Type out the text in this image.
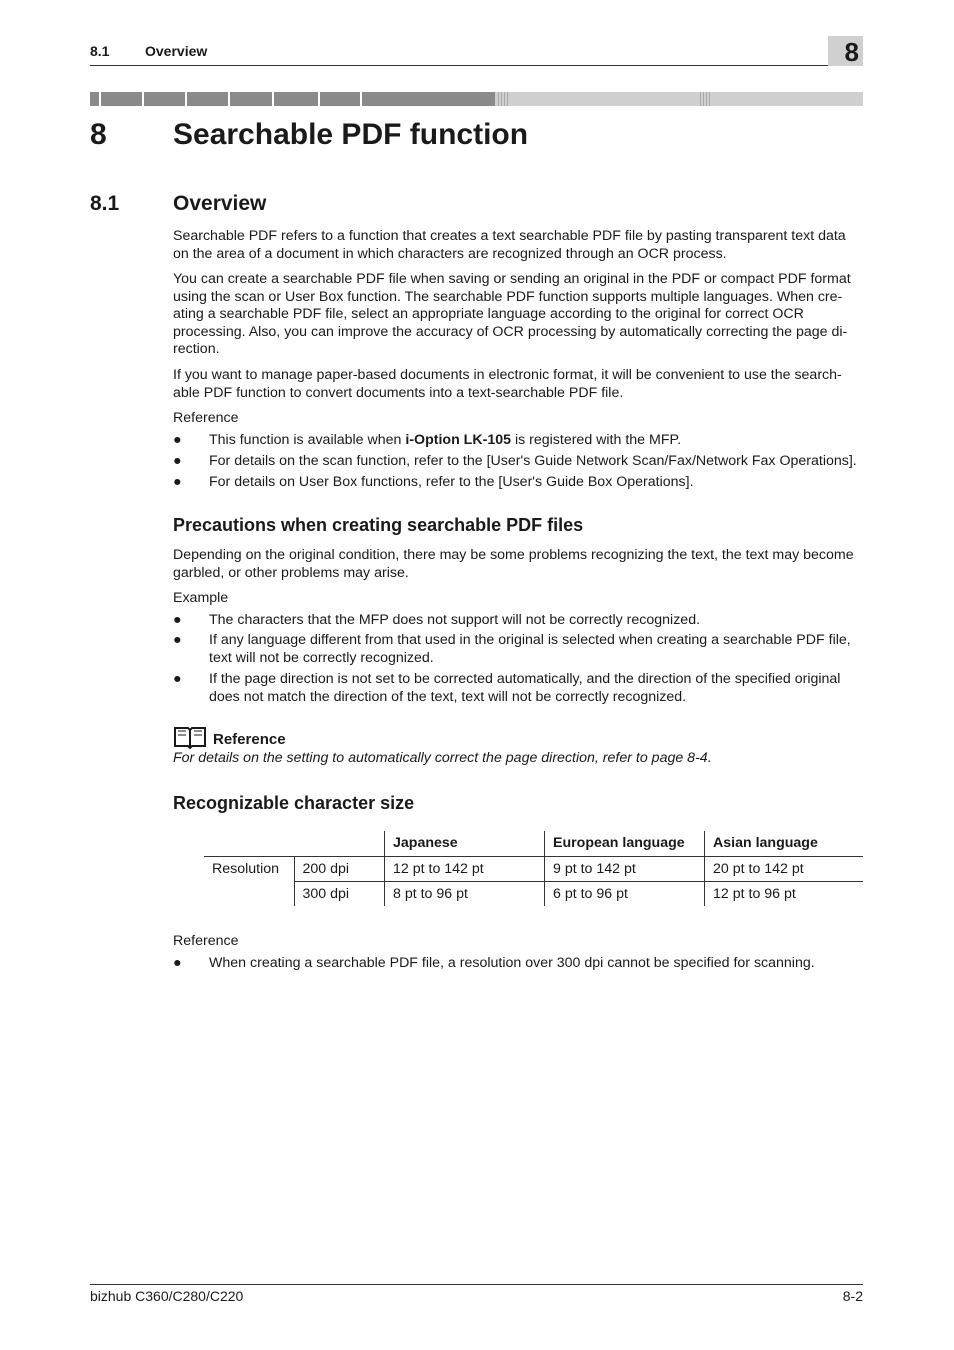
8.1	Overview	8
8 Searchable PDF function
8.1	Overview
Searchable PDF refers to a function that creates a text searchable PDF file by pasting transparent text data on the area of a document in which characters are recognized through an OCR process.
You can create a searchable PDF file when saving or sending an original in the PDF or compact PDF format using the scan or User Box function. The searchable PDF function supports multiple languages. When cre-ating a searchable PDF file, select an appropriate language according to the original for correct OCR processing. Also, you can improve the accuracy of OCR processing by automatically correcting the page di-rection.
If you want to manage paper-based documents in electronic format, it will be convenient to use the search-able PDF function to convert documents into a text-searchable PDF file.
Reference
● This function is available when i-Option LK-105 is registered with the MFP.
● For details on the scan function, refer to the [User's Guide Network Scan/Fax/Network Fax Operations].
● For details on User Box functions, refer to the [User's Guide Box Operations].
Precautions when creating searchable PDF files
Depending on the original condition, there may be some problems recognizing the text, the text may become garbled, or other problems may arise.
Example
● The characters that the MFP does not support will not be correctly recognized.
● If any language different from that used in the original is selected when creating a searchable PDF file, text will not be correctly recognized.
● If the page direction is not set to be corrected automatically, and the direction of the specified original does not match the direction of the text, text will not be correctly recognized.
Reference
For details on the setting to automatically correct the page direction, refer to page 8-4.
Recognizable character size
		Japanese	European language	Asian language
Resolution	200 dpi	12 pt to 142 pt	9 pt to 142 pt	20 pt to 142 pt
	300 dpi	8 pt to 96 pt	6 pt to 96 pt	12 pt to 96 pt
Reference
● When creating a searchable PDF file, a resolution over 300 dpi cannot be specified for scanning.
bizhub C360/C280/C220	8-2
